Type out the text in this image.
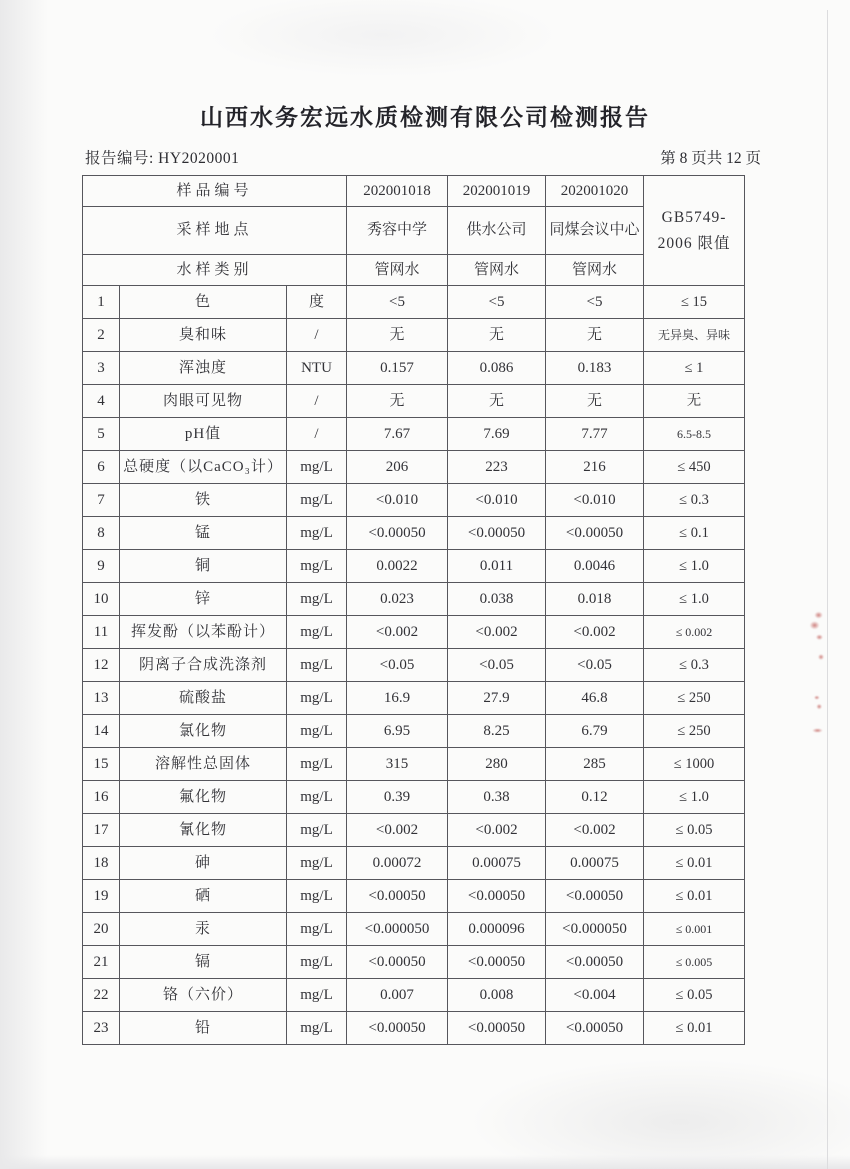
山西水务宏远水质检测有限公司检测报告
报告编号: HY2020001	第 8 页共 12 页
样品编号			202001018	202001019	202001020	GB5749-
2006 限值

采样地点			秀容中学	供水公司	同煤会议中心	
水样类别			管网水	管网水	管网水	
1	色	度	<5	<5	<5	≤ 15
2	臭和味	/	无	无	无	无异臭、异味
3	浑浊度	NTU	0.157	0.086	0.183	≤ 1
4	肉眼可见物	/	无	无	无	无
5	pH值	/	7.67	7.69	7.77	6.5-8.5
6	总硬度（以CaCO₃计）	mg/L	206	223	216	≤ 450
7	铁	mg/L	<0.010	<0.010	<0.010	≤ 0.3
8	锰	mg/L	<0.00050	<0.00050	<0.00050	≤ 0.1
9	铜	mg/L	0.0022	0.011	0.0046	≤ 1.0
10	锌	mg/L	0.023	0.038	0.018	≤ 1.0
11	挥发酚（以苯酚计）	mg/L	<0.002	<0.002	<0.002	≤ 0.002
12	阴离子合成洗涤剂	mg/L	<0.05	<0.05	<0.05	≤ 0.3
13	硫酸盐	mg/L	16.9	27.9	46.8	≤ 250
14	氯化物	mg/L	6.95	8.25	6.79	≤ 250
15	溶解性总固体	mg/L	315	280	285	≤ 1000
16	氟化物	mg/L	0.39	0.38	0.12	≤ 1.0
17	氰化物	mg/L	<0.002	<0.002	<0.002	≤ 0.05
18	砷	mg/L	0.00072	0.00075	0.00075	≤ 0.01
19	硒	mg/L	<0.00050	<0.00050	<0.00050	≤ 0.01
20	汞	mg/L	<0.000050	0.000096	<0.000050	≤ 0.001
21	镉	mg/L	<0.00050	<0.00050	<0.00050	≤ 0.005
22	铬（六价）	mg/L	0.007	0.008	<0.004	≤ 0.05
23	铅	mg/L	<0.00050	<0.00050	<0.00050	≤ 0.01
